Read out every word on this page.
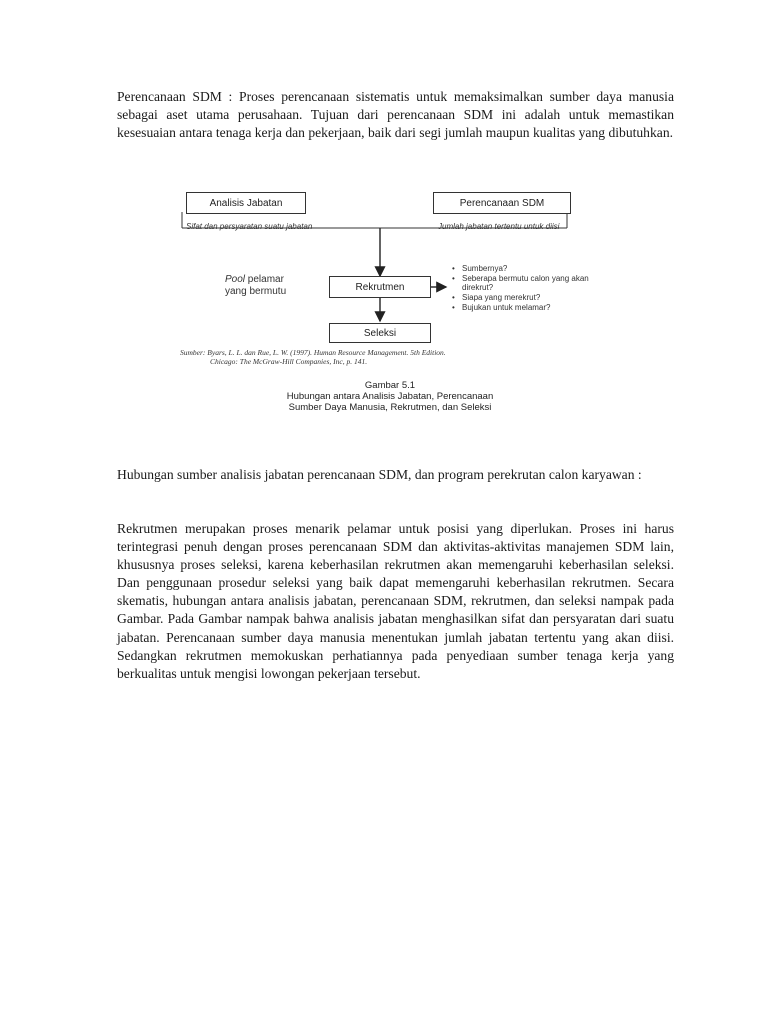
Perencanaan SDM : Proses perencanaan sistematis untuk memaksimalkan sumber daya manusia sebagai aset utama perusahaan. Tujuan dari perencanaan SDM ini adalah untuk memastikan kesesuaian antara tenaga kerja dan pekerjaan, baik dari segi jumlah maupun kualitas yang dibutuhkan.

Analisis Jabatan	Perencanaan SDM
Sifat dan persyaratan suatu jabatan	Jumlah jabatan tertentu untuk diisi
Pool pelamar
yang bermutu	Rekrutmen
• Sumbernya?
• Seberapa bermutu calon yang akan direkrut?
• Siapa yang merekrut?
• Bujukan untuk melamar?
Seleksi
Sumber: Byars, L. L. dan Rue, L. W. (1997). Human Resource Management. 5th Edition.
Chicago: The McGraw-Hill Companies, Inc, p. 141.
Gambar 5.1
Hubungan antara Analisis Jabatan, Perencanaan
Sumber Daya Manusia, Rekrutmen, dan Seleksi

Hubungan sumber analisis jabatan perencanaan SDM, dan program perekrutan calon karyawan :

Rekrutmen merupakan proses menarik pelamar untuk posisi yang diperlukan. Proses ini harus terintegrasi penuh dengan proses perencanaan SDM dan aktivitas-aktivitas manajemen SDM lain, khususnya proses seleksi, karena keberhasilan rekrutmen akan memengaruhi keberhasilan seleksi. Dan penggunaan prosedur seleksi yang baik dapat memengaruhi keberhasilan rekrutmen. Secara skematis, hubungan antara analisis jabatan, perencanaan SDM, rekrutmen, dan seleksi nampak pada Gambar. Pada Gambar nampak bahwa analisis jabatan menghasilkan sifat dan persyaratan dari suatu jabatan. Perencanaan sumber daya manusia menentukan jumlah jabatan tertentu yang akan diisi. Sedangkan rekrutmen memokuskan perhatiannya pada penyediaan sumber tenaga kerja yang berkualitas untuk mengisi lowongan pekerjaan tersebut.
